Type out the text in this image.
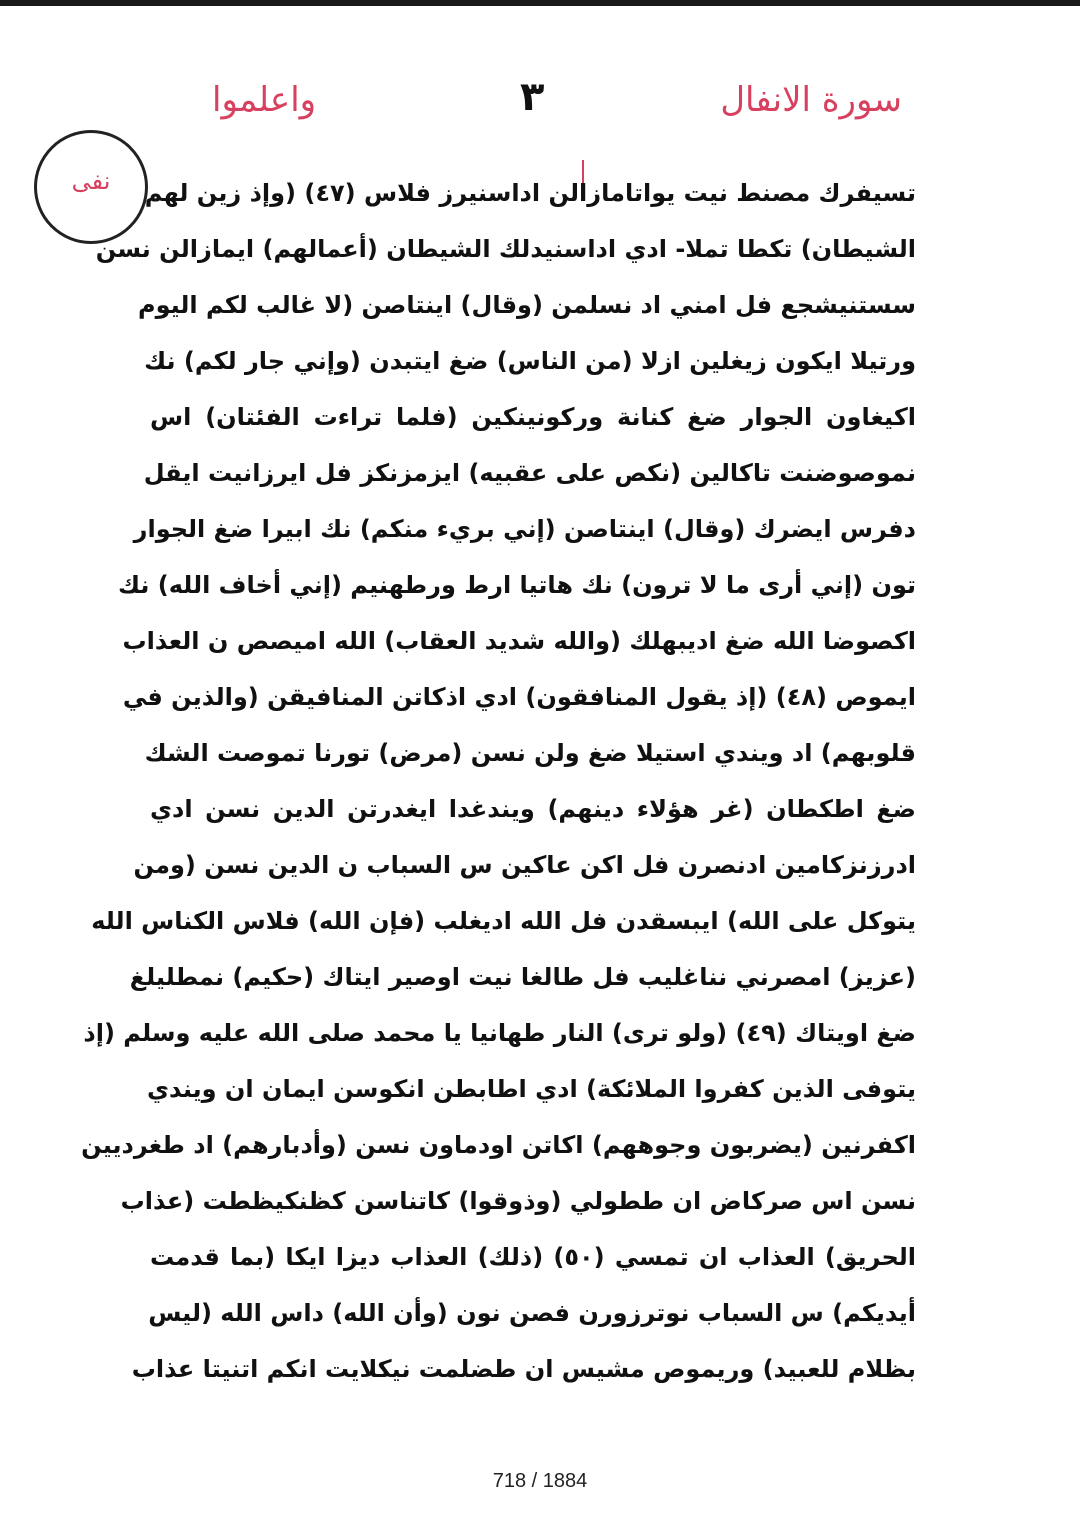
واعلموا	٣	سورة الانفال
نفى	تسيفرك مصنط نيت يواتامازالن اداسنيرز فلاس (٤٧) (وإذ زين لهم
الشيطان) تكطا تملا- ادي اداسنيدلك الشيطان (أعمالهم) ايمازالن نسن
سستنيشجع فل امني اد نسلمن (وقال) اينتاصن (لا غالب لكم اليوم
ورتيلا ايكون زيغلين ازلا (من الناس) ضغ ايتبدن (وإني جار لكم) نك
اكيغاون الجوار ضغ كنانة وركونينكين (فلما تراءت الفئتان) اس
نموصوضنت تاكالين (نكص على عقبيه) ايزمزنكز فل ايرزانيت ايقل
دفرس ايضرك (وقال) اينتاصن (إني بريء منكم) نك ابيرا ضغ الجوار
تون (إني أرى ما لا ترون) نك هاتيا ارط ورطهنيم (إني أخاف الله) نك
اكصوضا الله ضغ اديبهلك (والله شديد العقاب) الله اميصص ن العذاب
ايموص (٤٨) (إذ يقول المنافقون) ادي اذكاتن المنافيقن (والذين في
قلوبهم) اد ويندي استيلا ضغ ولن نسن (مرض) تورنا تموصت الشك
ضغ اطكطان (غر هؤلاء دينهم) ويندغدا ايغدرتن الدين نسن ادي
ادرزنزكامين ادنصرن فل اكن عاكين س السباب ن الدين نسن (ومن
يتوكل على الله) ايبسقدن فل الله اديغلب (فإن الله) فلاس الكناس الله
(عزيز) امصرني نناغليب فل طالغا نيت اوصير ايتاك (حكيم) نمطليلغ
ضغ اويتاك (٤٩) (ولو ترى) النار طهانيا يا محمد صلى الله عليه وسلم (إذ
يتوفى الذين كفروا الملائكة) ادي اطابطن انكوسن ايمان ان ويندي
اكفرنين (يضربون وجوههم) اكاتن اودماون نسن (وأدبارهم) اد طغرديين
نسن اس صركاض ان ططولي (وذوقوا) كاتناسن كظنكيظطت (عذاب
الحريق) العذاب ان تمسي (٥٠) (ذلك) العذاب ديزا ايكا (بما قدمت
أيديكم) س السباب نوترزورن فصن نون (وأن الله) داس الله (ليس
بظلام للعبيد) وريموص مشيس ان طضلمت نيكلايت انكم اتنيتا عذاب
718 / 1884
